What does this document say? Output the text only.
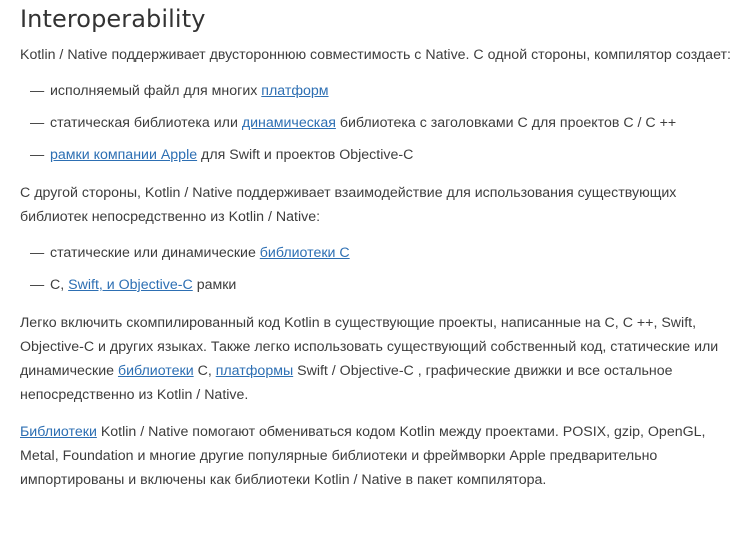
Interoperability

Kotlin / Native поддерживает двустороннюю совместимость с Native. С одной стороны, компилятор создает:

— исполняемый файл для многих платформ
— статическая библиотека или динамическая библиотека с заголовками C для проектов C / C ++
— рамки компании Apple для Swift и проектов Objective-C

С другой стороны, Kotlin / Native поддерживает взаимодействие для использования существующих библиотек непосредственно из Kotlin / Native:

— статические или динамические библиотеки C
— C, Swift, и Objective-C рамки

Легко включить скомпилированный код Kotlin в существующие проекты, написанные на C, C ++, Swift, Objective-C и других языках. Также легко использовать существующий собственный код, статические или динамические библиотеки C, платформы Swift / Objective-C , графические движки и все остальное непосредственно из Kotlin / Native.

Библиотеки Kotlin / Native помогают обмениваться кодом Kotlin между проектами. POSIX, gzip, OpenGL, Metal, Foundation и многие другие популярные библиотеки и фреймворки Apple предварительно импортированы и включены как библиотеки Kotlin / Native в пакет компилятора.
